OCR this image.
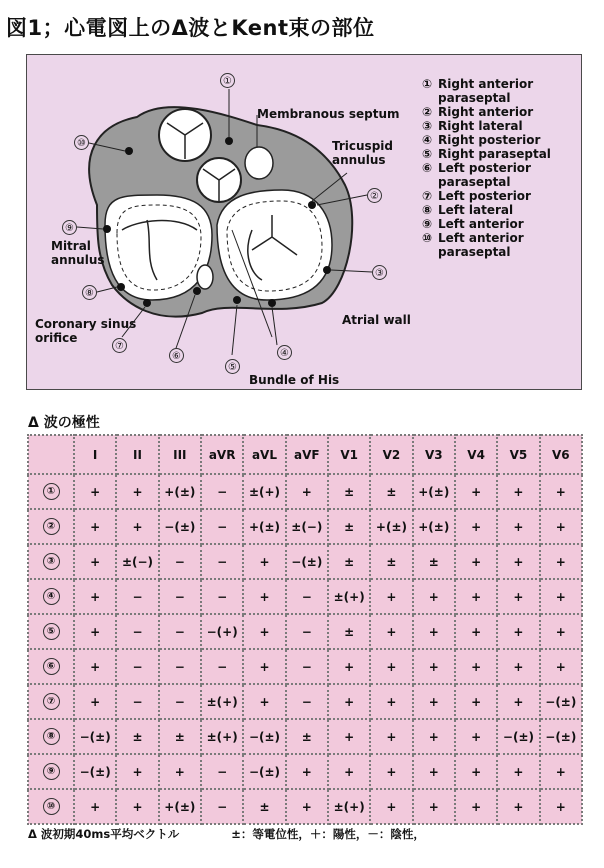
図1；心電図上のΔ波とKent束の部位
①
②
③
④
⑤
⑥
⑦
⑧
⑨
⑩
Membranous septum
Tricuspid
annulus
Mitral
annulus
Coronary sinus
orifice
Atrial wall
Bundle of His
① Right anterior
paraseptal
② Right anterior
③ Right lateral
④ Right posterior
⑤ Right paraseptal
⑥ Left posterior
paraseptal
⑦ Left posterior
⑧ Left lateral
⑨ Left anterior
⑩ Left anterior
paraseptal
Δ 波の極性
	I	II	III	aVR	aVL	aVF	V1	V2	V3	V4	V5	V6
①	+	+	+(±)	−	±(+)	+	±	±	+(±)	+	+	+
②	+	+	−(±)	−	+(±)	±(−)	±	+(±)	+(±)	+	+	+
③	+	±(−)	−	−	+	−(±)	±	±	±	+	+	+
④	+	−	−	−	+	−	±(+)	+	+	+	+	+
⑤	+	−	−	−(+)	+	−	±	+	+	+	+	+
⑥	+	−	−	−	+	−	+	+	+	+	+	+
⑦	+	−	−	±(+)	+	−	+	+	+	+	+	−(±)
⑧	−(±)	±	±	±(+)	−(±)	±	+	+	+	+	−(±)	−(±)
⑨	−(±)	+	+	−	−(±)	+	+	+	+	+	+	+
⑩	+	+	+(±)	−	±	+	±(+)	+	+	+	+	+
Δ 波初期40ms平均ベクトル	±：等電位性，＋：陽性，－：陰性，
